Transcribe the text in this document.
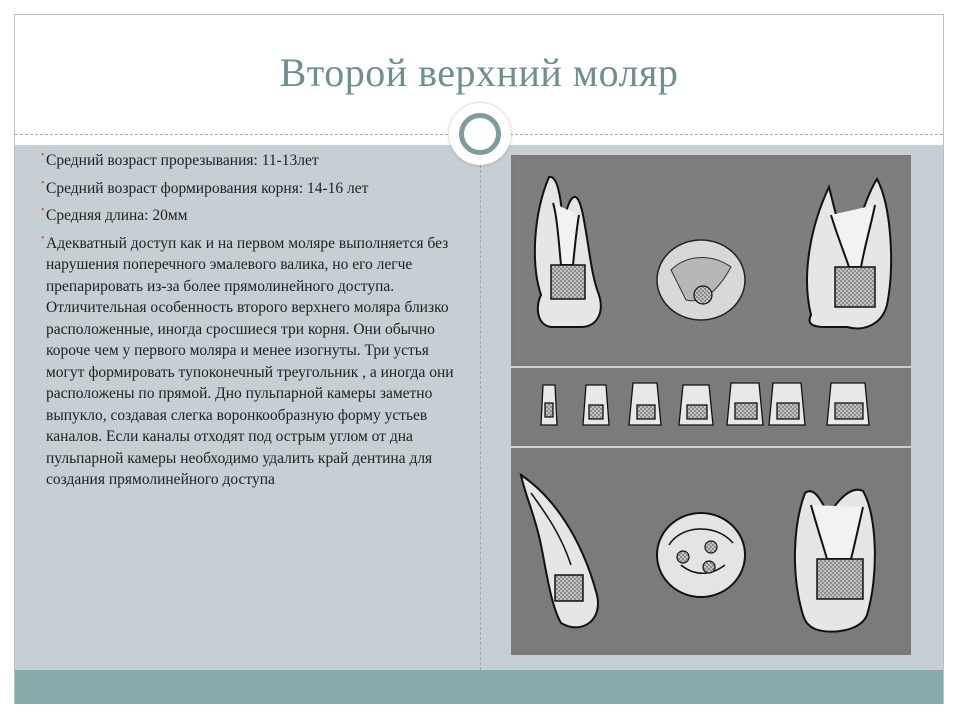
Второй верхний моляр
• Средний возраст прорезывания: 11-13лет
• Средний возраст формирования корня: 14-16 лет
• Средняя длина: 20мм
• Адекватный доступ как и на первом моляре выполняется без нарушения поперечного эмалевого валика, но его легче препарировать из-за более прямолинейного доступа. Отличительная особенность второго верхнего моляра близко расположенные, иногда сросшиеся три корня. Они обычно короче чем у первого моляра и менее изогнуты. Три устья могут формировать тупоконечный треугольник , а иногда они расположены по прямой. Дно пульпарной камеры заметно выпукло, создавая слегка воронкообразную форму устьев каналов. Если каналы отходят под острым углом от дна пульпарной камеры необходимо удалить край дентина для создания прямолинейного доступа
